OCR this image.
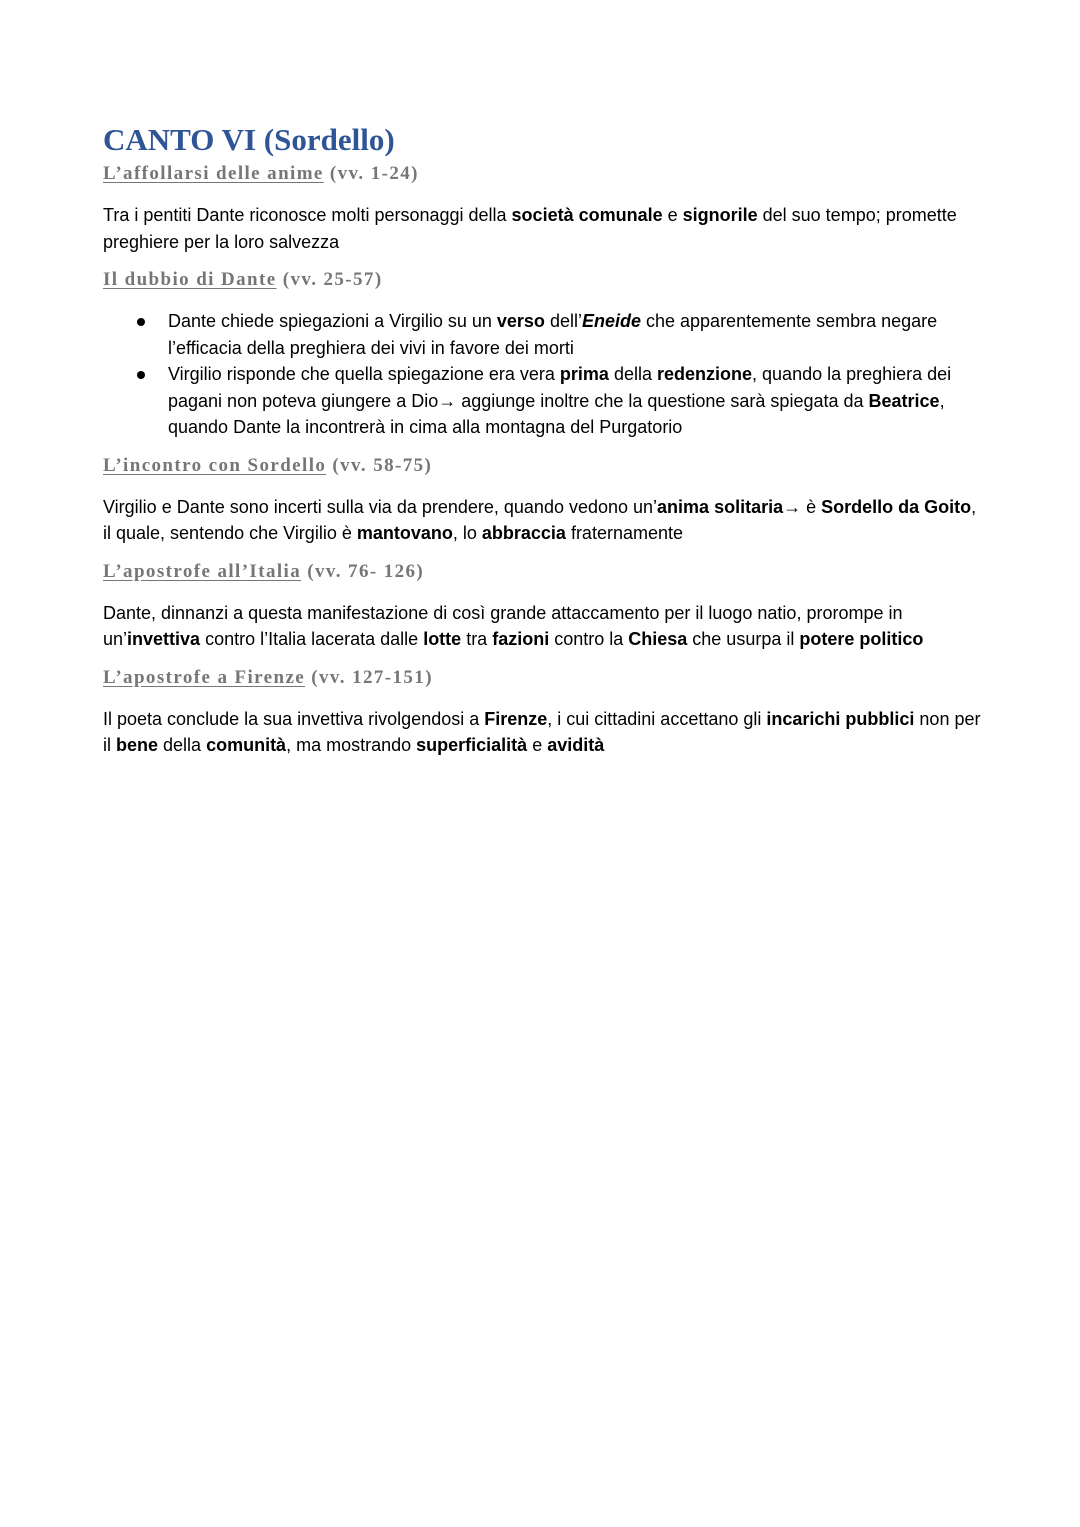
CANTO VI (Sordello)
L’affollarsi delle anime (vv. 1-24)

Tra i pentiti Dante riconosce molti personaggi della società comunale e signorile del suo tempo; promette preghiere per la loro salvezza

Il dubbio di Dante (vv. 25-57)
Dante chiede spiegazioni a Virgilio su un verso dell’Eneide che apparentemente sembra negare l’efficacia della preghiera dei vivi in favore dei morti
Virgilio risponde che quella spiegazione era vera prima della redenzione, quando la preghiera dei pagani non poteva giungere a Dio→ aggiunge inoltre che la questione sarà spiegata da Beatrice, quando Dante la incontrerà in cima alla montagna del Purgatorio
L’incontro con Sordello (vv. 58-75)

Virgilio e Dante sono incerti sulla via da prendere, quando vedono un’anima solitaria→ è Sordello da Goito, il quale, sentendo che Virgilio è mantovano, lo abbraccia fraternamente

L’apostrofe all’Italia (vv. 76- 126)

Dante, dinnanzi a questa manifestazione di così grande attaccamento per il luogo natio, prorompe in un’invettiva contro l’Italia lacerata dalle lotte tra fazioni contro la Chiesa che usurpa il potere politico

L’apostrofe a Firenze (vv. 127-151)

Il poeta conclude la sua invettiva rivolgendosi a Firenze, i cui cittadini accettano gli incarichi pubblici non per il bene della comunità, ma mostrando superficialità e avidità
